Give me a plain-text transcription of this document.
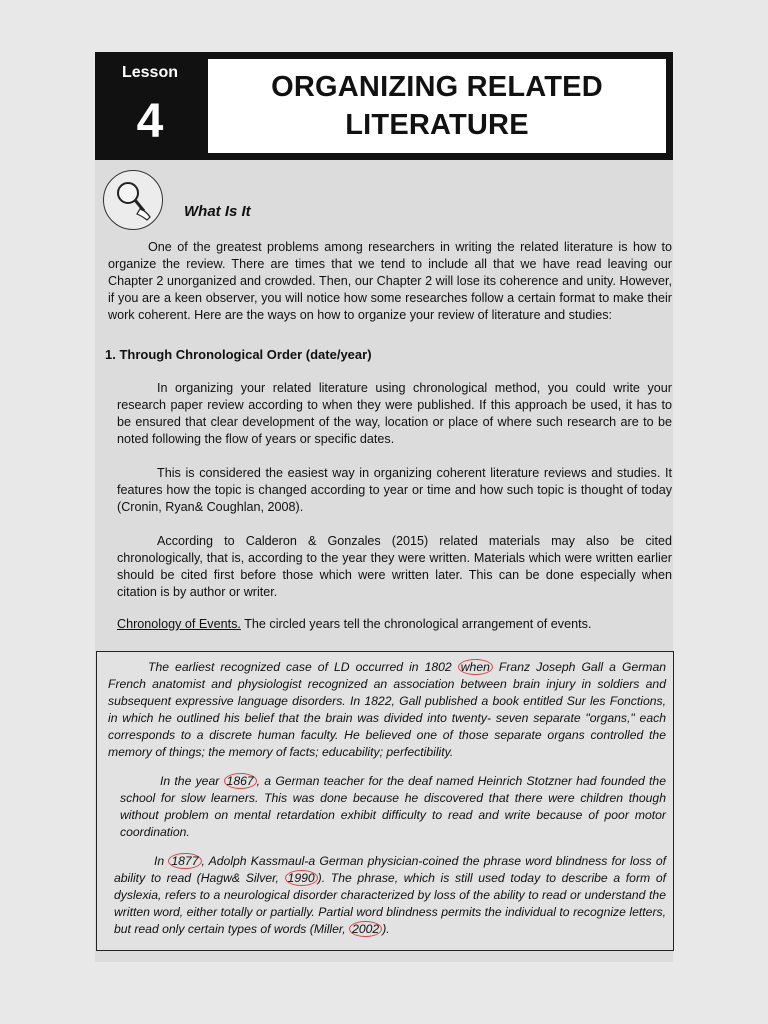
Lesson
4
ORGANIZING RELATED
LITERATURE
What Is It
One of the greatest problems among researchers in writing the related literature is how to organize the review. There are times that we tend to include all that we have read leaving our Chapter 2 unorganized and crowded. Then, our Chapter 2 will lose its coherence and unity. However, if you are a keen observer, you will notice how some researches follow a certain format to make their work coherent. Here are the ways on how to organize your review of literature and studies:
1. Through Chronological Order (date/year)
In organizing your related literature using chronological method, you could write your research paper review according to when they were published. If this approach be used, it has to be ensured that clear development of the way, location or place of where such research are to be noted following the flow of years or specific dates.
This is considered the easiest way in organizing coherent literature reviews and studies. It features how the topic is changed according to year or time and how such topic is thought of today (Cronin, Ryan& Coughlan, 2008).
According to Calderon & Gonzales (2015) related materials may also be cited chronologically, that is, according to the year they were written. Materials which were written earlier should be cited first before those which were written later. This can be done especially when citation is by author or writer.
Chronology of Events. The circled years tell the chronological arrangement of events.
The earliest recognized case of LD occurred in 1802 when Franz Joseph Gall a German French anatomist and physiologist recognized an association between brain injury in soldiers and subsequent expressive language disorders. In 1822, Gall published a book entitled Sur les Fonctions, in which he outlined his belief that the brain was divided into twenty- seven separate "organs," each corresponds to a discrete human faculty. He believed one of those separate organs controlled the memory of things; the memory of facts; educability; perfectibility.
In the year 1867 , a German teacher for the deaf named Heinrich Stotzner had founded the school for slow learners. This was done because he discovered that there were children though without problem on mental retardation exhibit difficulty to read and write because of poor motor coordination.
In 1877 , Adolph Kassmaul-a German physician-coined the phrase word blindness for loss of ability to read (Hagw& Silver, 1990 ). The phrase, which is still used today to describe a form of dyslexia, refers to a neurological disorder characterized by loss of the ability to read or understand the written word, either totally or partially. Partial word blindness permits the individual to recognize letters, but read only certain types of words (Miller, 2002 ).
